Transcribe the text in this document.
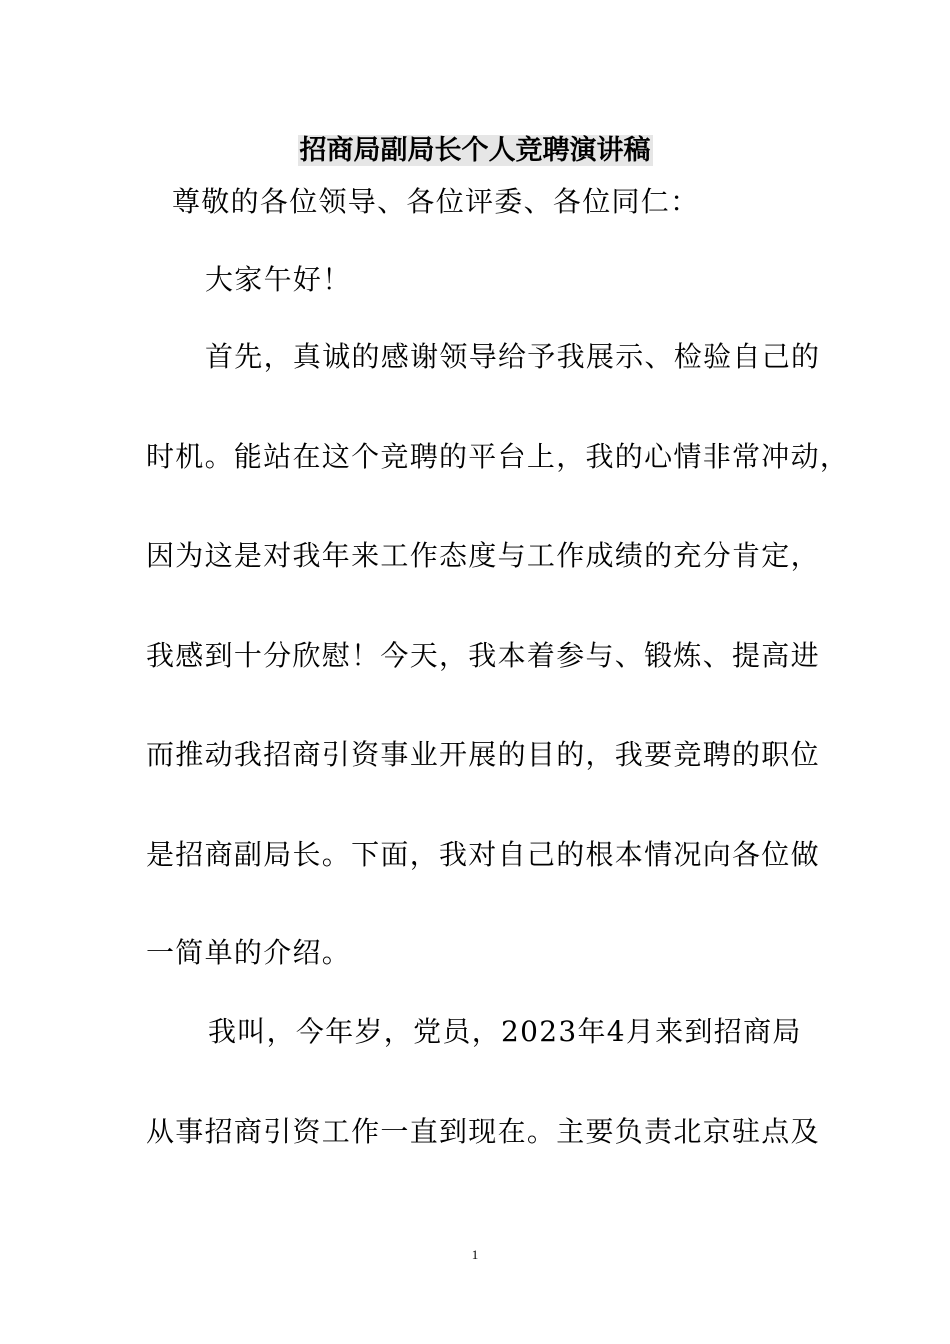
招商局副局长个人竞聘演讲稿

尊敬的各位领导、各位评委、各位同仁：

大家午好！

首先，真诚的感谢领导给予我展示、检验自己的

时机。能站在这个竞聘的平台上，我的心情非常冲动，

因为这是对我年来工作态度与工作成绩的充分肯定，

我感到十分欣慰！今天，我本着参与、锻炼、提高进

而推动我招商引资事业开展的目的，我要竞聘的职位

是招商副局长。下面，我对自己的根本情况向各位做

一简单的介绍。

我叫，今年岁，党员，2023年4月来到招商局

从事招商引资工作一直到现在。主要负责北京驻点及

1
